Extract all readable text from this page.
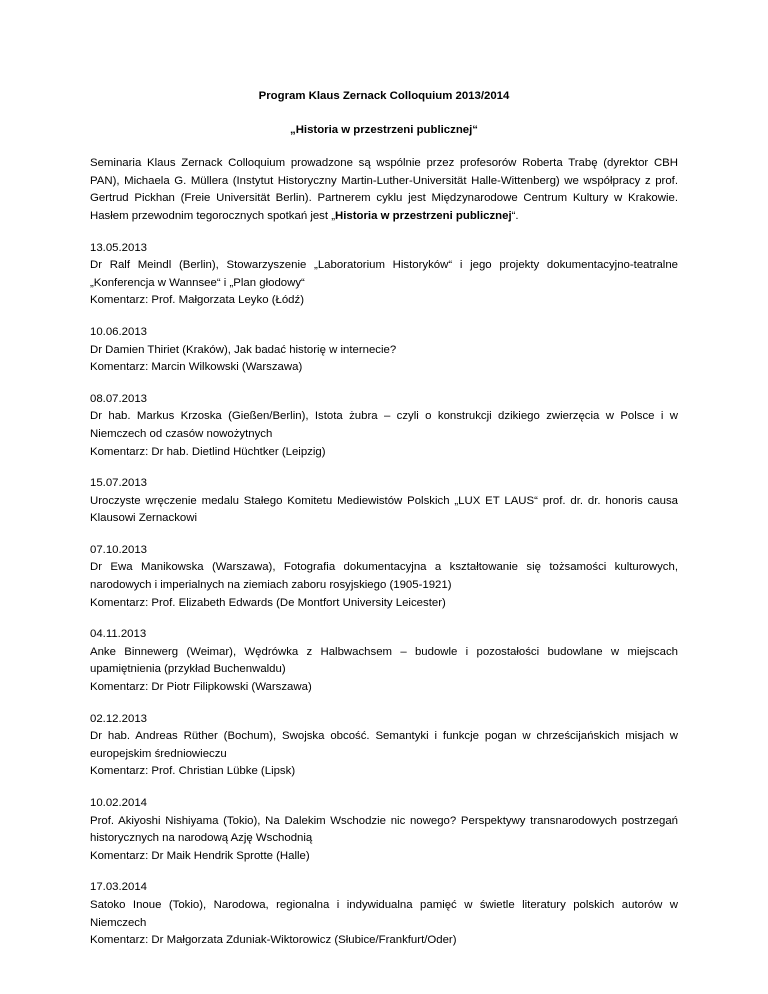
Program Klaus Zernack Colloquium 2013/2014
„Historia w przestrzeni publicznej“
Seminaria Klaus Zernack Colloquium prowadzone są wspólnie przez profesorów Roberta Trabę (dyrektor CBH PAN), Michaela G. Müllera (Instytut Historyczny Martin-Luther-Universität Halle-Wittenberg) we współpracy z prof. Gertrud Pickhan (Freie Universität Berlin). Partnerem cyklu jest Międzynarodowe Centrum Kultury w Krakowie. Hasłem przewodnim tegorocznych spotkań jest „Historia w przestrzeni publicznej“.
13.05.2013
Dr Ralf Meindl (Berlin), Stowarzyszenie „Laboratorium Historyków“ i jego projekty dokumentacyjno-teatralne „Konferencja w Wannsee“ i „Plan głodowy“
Komentarz: Prof. Małgorzata Leyko (Łódź)
10.06.2013
Dr Damien Thiriet (Kraków), Jak badać historię w internecie?
Komentarz: Marcin Wilkowski (Warszawa)
08.07.2013
Dr hab. Markus Krzoska (Gießen/Berlin), Istota żubra – czyli o konstrukcji dzikiego zwierzęcia w Polsce i w Niemczech od czasów nowożytnych
Komentarz: Dr hab. Dietlind Hüchtker (Leipzig)
15.07.2013
Uroczyste wręczenie medalu Stałego Komitetu Mediewistów Polskich „LUX ET LAUS“ prof. dr. dr. honoris causa Klausowi Zernackowi
07.10.2013
Dr Ewa Manikowska (Warszawa), Fotografia dokumentacyjna a kształtowanie się tożsamości kulturowych, narodowych i imperialnych na ziemiach zaboru rosyjskiego (1905-1921)
Komentarz: Prof. Elizabeth Edwards (De Montfort University Leicester)
04.11.2013
Anke Binnewerg (Weimar), Wędrówka z Halbwachsem – budowle i pozostałości budowlane w miejscach upamiętnienia (przykład Buchenwaldu)
Komentarz: Dr Piotr Filipkowski (Warszawa)
02.12.2013
Dr hab. Andreas Rüther (Bochum), Swojska obcość. Semantyki i funkcje pogan w chrześcijańskich misjach w europejskim średniowieczu
Komentarz: Prof. Christian Lübke (Lipsk)
10.02.2014
Prof. Akiyoshi Nishiyama (Tokio), Na Dalekim Wschodzie nic nowego? Perspektywy transnarodowych postrzegań historycznych na narodową Azję Wschodnią
Komentarz: Dr Maik Hendrik Sprotte (Halle)
17.03.2014
Satoko Inoue (Tokio), Narodowa, regionalna i indywidualna pamięć w świetle literatury polskich autorów w Niemczech
Komentarz: Dr Małgorzata Zduniak-Wiktorowicz (Słubice/Frankfurt/Oder)
